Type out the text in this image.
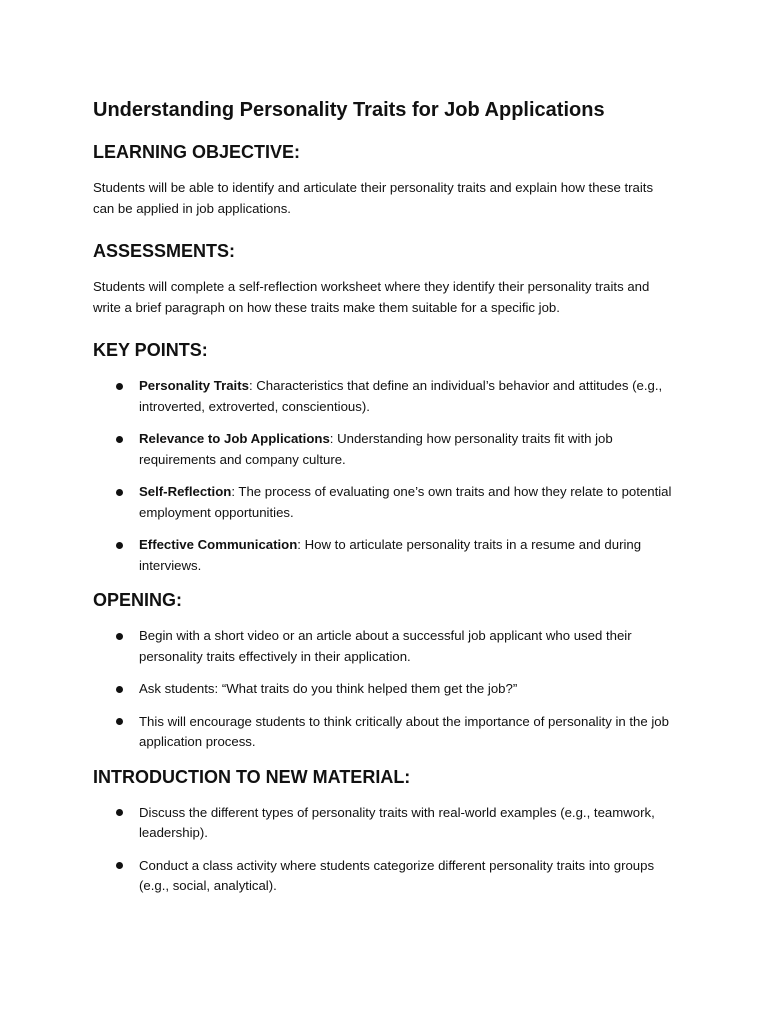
Understanding Personality Traits for Job Applications
LEARNING OBJECTIVE:

Students will be able to identify and articulate their personality traits and explain how these traits can be applied in job applications.

ASSESSMENTS:

Students will complete a self-reflection worksheet where they identify their personality traits and write a brief paragraph on how these traits make them suitable for a specific job.

KEY POINTS:
Personality Traits: Characteristics that define an individual’s behavior and attitudes (e.g., introverted, extroverted, conscientious).
Relevance to Job Applications: Understanding how personality traits fit with job requirements and company culture.
Self-Reflection: The process of evaluating one’s own traits and how they relate to potential employment opportunities.
Effective Communication: How to articulate personality traits in a resume and during interviews.
OPENING:
Begin with a short video or an article about a successful job applicant who used their personality traits effectively in their application.
Ask students: “What traits do you think helped them get the job?”
This will encourage students to think critically about the importance of personality in the job application process.
INTRODUCTION TO NEW MATERIAL:
Discuss the different types of personality traits with real-world examples (e.g., teamwork, leadership).
Conduct a class activity where students categorize different personality traits into groups (e.g., social, analytical).
